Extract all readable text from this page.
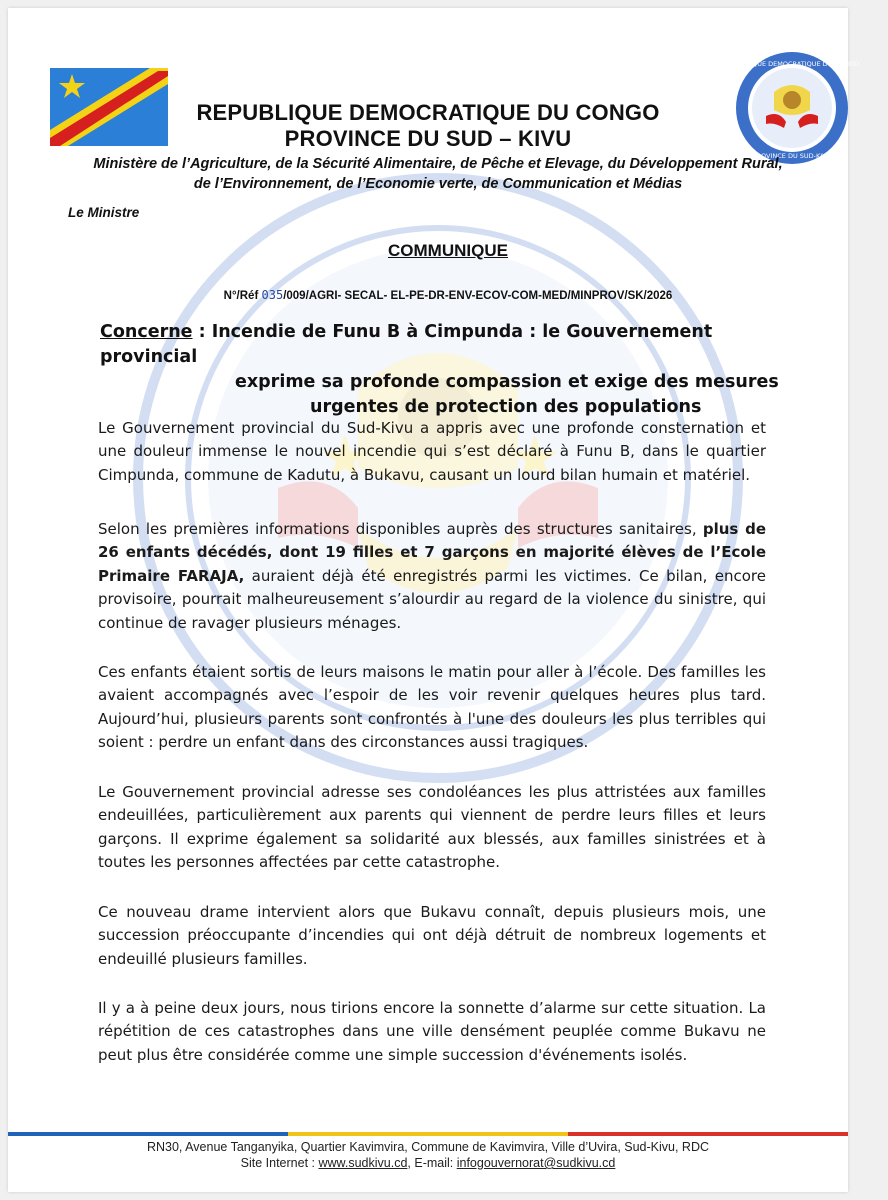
★ ★
REPUBLIQUE DEMOCRATIQUE DU CONGO
PROVINCE DU SUD-KIVU
REPUBLIQUE DEMOCRATIQUE DU CONGO
PROVINCE DU SUD – KIVU
Ministère de l’Agriculture, de la Sécurité Alimentaire, de Pêche et Elevage, du Développement Rural,
de l’Environnement, de l’Economie verte, de Communication et Médias
Le Ministre
COMMUNIQUE
N°/Réf 035/009/AGRI- SECAL- EL-PE-DR-ENV-ECOV-COM-MED/MINPROV/SK/2026
Concerne : Incendie de Funu B à Cimpunda : le Gouvernement provincial
exprime sa profonde compassion et exige des mesures
urgentes de protection des populations
Le Gouvernement provincial du Sud-Kivu a appris avec une profonde consternation et une douleur immense le nouvel incendie qui s’est déclaré à Funu B, dans le quartier Cimpunda, commune de Kadutu, à Bukavu, causant un lourd bilan humain et matériel.
Selon les premières informations disponibles auprès des structures sanitaires, plus de 26 enfants décédés, dont 19 filles et 7 garçons en majorité élèves de l’Ecole Primaire FARAJA, auraient déjà été enregistrés parmi les victimes. Ce bilan, encore provisoire, pourrait malheureusement s’alourdir au regard de la violence du sinistre, qui continue de ravager plusieurs ménages.
Ces enfants étaient sortis de leurs maisons le matin pour aller à l’école. Des familles les avaient accompagnés avec l’espoir de les voir revenir quelques heures plus tard. Aujourd’hui, plusieurs parents sont confrontés à l'une des douleurs les plus terribles qui soient : perdre un enfant dans des circonstances aussi tragiques.
Le Gouvernement provincial adresse ses condoléances les plus attristées aux familles endeuillées, particulièrement aux parents qui viennent de perdre leurs filles et leurs garçons. Il exprime également sa solidarité aux blessés, aux familles sinistrées et à toutes les personnes affectées par cette catastrophe.
Ce nouveau drame intervient alors que Bukavu connaît, depuis plusieurs mois, une succession préoccupante d’incendies qui ont déjà détruit de nombreux logements et endeuillé plusieurs familles.
Il y a à peine deux jours, nous tirions encore la sonnette d’alarme sur cette situation. La répétition de ces catastrophes dans une ville densément peuplée comme Bukavu ne peut plus être considérée comme une simple succession d'événements isolés.
RN30, Avenue Tanganyika, Quartier Kavimvira, Commune de Kavimvira, Ville d’Uvira, Sud-Kivu, RDC
Site Internet : www.sudkivu.cd, E-mail: infogouvernorat@sudkivu.cd
